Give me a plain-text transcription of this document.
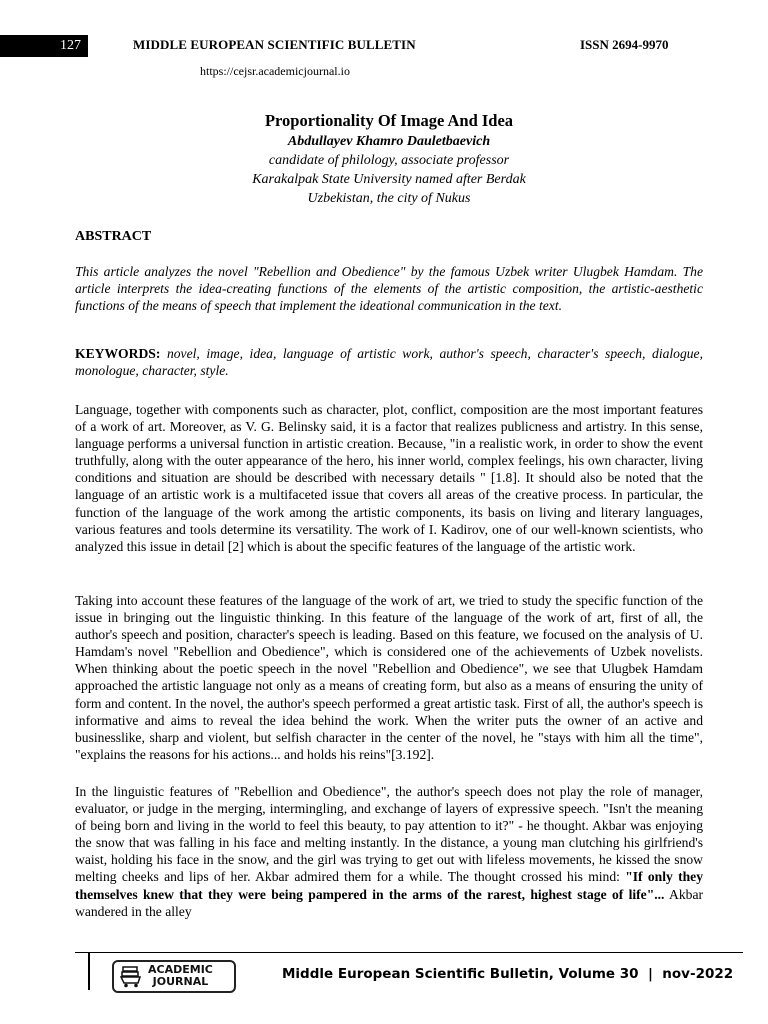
127	MIDDLE EUROPEAN SCIENTIFIC BULLETIN	ISSN 2694-9970
https://cejsr.academicjournal.io
Proportionality Of Image And Idea
Abdullayev Khamro Dauletbaevich
candidate of philology, associate professor
Karakalpak State University named after Berdak
Uzbekistan, the city of Nukus
ABSTRACT
This article analyzes the novel "Rebellion and Obedience" by the famous Uzbek writer Ulugbek Hamdam. The article interprets the idea-creating functions of the elements of the artistic composition, the artistic-aesthetic functions of the means of speech that implement the ideational communication in the text.
KEYWORDS: novel, image, idea, language of artistic work, author's speech, character's speech, dialogue, monologue, character, style.
Language, together with components such as character, plot, conflict, composition are the most important features of a work of art. Moreover, as V. G. Belinsky said, it is a factor that realizes publicness and artistry. In this sense, language performs a universal function in artistic creation. Because, "in a realistic work, in order to show the event truthfully, along with the outer appearance of the hero, his inner world, complex feelings, his own character, living conditions and situation are should be described with necessary details " [1.8]. It should also be noted that the language of an artistic work is a multifaceted issue that covers all areas of the creative process. In particular, the function of the language of the work among the artistic components, its basis on living and literary languages, various features and tools determine its versatility. The work of I. Kadirov, one of our well-known scientists, who analyzed this issue in detail [2] which is about the specific features of the language of the artistic work.
Taking into account these features of the language of the work of art, we tried to study the specific function of the issue in bringing out the linguistic thinking. In this feature of the language of the work of art, first of all, the author's speech and position, character's speech is leading. Based on this feature, we focused on the analysis of U. Hamdam's novel "Rebellion and Obedience", which is considered one of the achievements of Uzbek novelists. When thinking about the poetic speech in the novel "Rebellion and Obedience", we see that Ulugbek Hamdam approached the artistic language not only as a means of creating form, but also as a means of ensuring the unity of form and content. In the novel, the author's speech performed a great artistic task. First of all, the author's speech is informative and aims to reveal the idea behind the work. When the writer puts the owner of an active and businesslike, sharp and violent, but selfish character in the center of the novel, he "stays with him all the time", "explains the reasons for his actions... and holds his reins"[3.192].
In the linguistic features of "Rebellion and Obedience", the author's speech does not play the role of manager, evaluator, or judge in the merging, intermingling, and exchange of layers of expressive speech. "Isn't the meaning of being born and living in the world to feel this beauty, to pay attention to it?" - he thought. Akbar was enjoying the snow that was falling in his face and melting instantly. In the distance, a young man clutching his girlfriend's waist, holding his face in the snow, and the girl was trying to get out with lifeless movements, he kissed the snow melting cheeks and lips of her. Akbar admired them for a while. The thought crossed his mind: "If only they themselves knew that they were being pampered in the arms of the rarest, highest stage of life"... Akbar wandered in the alley
ACADEMIC
JOURNAL	Middle European Scientific Bulletin, Volume 30  |  nov-2022
